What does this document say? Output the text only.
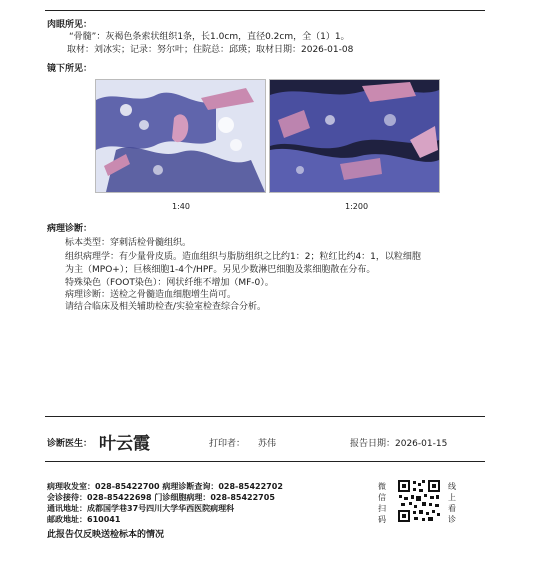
肉眼所见：
“骨髓”：灰褐色条索状组织1条，长1.0cm，直径0.2cm，全（1）1。
取材：刘冰实；记录：努尔叶；住院总：邱瑛；取材日期：2026-01-08
镜下所见：
1:40	1:200
病理诊断：
标本类型：穿刺活检骨髓组织。
组织病理学：有少量骨皮质。造血组织与脂肪组织之比约1：2；粒红比约4：1，以粒细胞
为主（MPO+）；巨核细胞1-4个/HPF。另见少数淋巴细胞及浆细胞散在分布。
特殊染色（FOOT染色）：网状纤维不增加（MF-0）。
病理诊断：送检之骨髓造血细胞增生尚可。
请结合临床及相关辅助检查/实验室检查综合分析。
诊断医生： 叶云霞	打印者： 苏伟	报告日期：2026-01-15
病理收发室：028-85422700 病理诊断查询：028-85422702
会诊接待：028-85422698 门诊细胞病理：028-85422705
通讯地址：成都国学巷37号四川大学华西医院病理科
邮政地址：610041
此报告仅反映送检标本的情况
微
信
扫
码
线
上
看
诊
